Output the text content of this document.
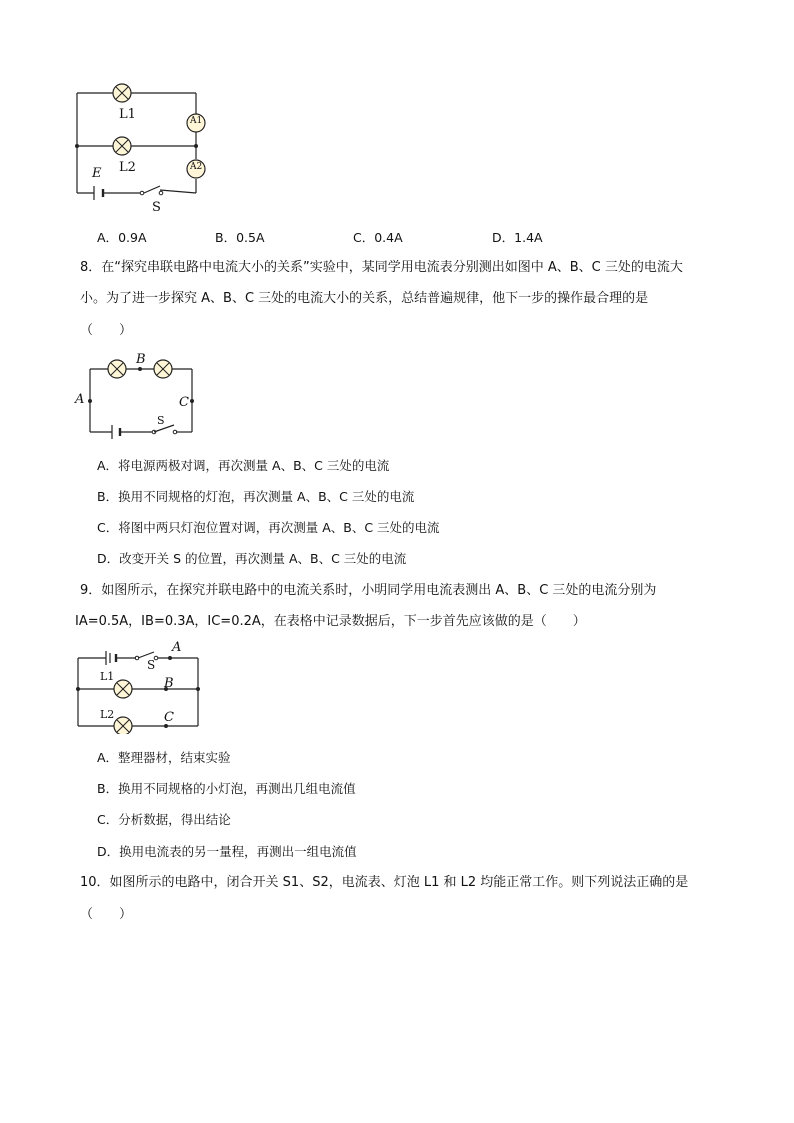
L1
L2
A1
A2
E
S
A．0.9A	B．0.5A	C．0.4A	D．1.4A
8．在“探究串联电路中电流大小的关系”实验中，某同学用电流表分别测出如图中 A、B、C 三处的电流大
小。为了进一步探究 A、B、C 三处的电流大小的关系，总结普遍规律，他下一步的操作最合理的是
（　　）
A
B
C
S
A．将电源两极对调，再次测量 A、B、C 三处的电流
B．换用不同规格的灯泡，再次测量 A、B、C 三处的电流
C．将图中两只灯泡位置对调，再次测量 A、B、C 三处的电流
D．改变开关 S 的位置，再次测量 A、B、C 三处的电流
9．如图所示，在探究并联电路中的电流关系时，小明同学用电流表测出 A、B、C 三处的电流分别为
IA=0.5A，IB=0.3A，IC=0.2A，在表格中记录数据后，下一步首先应该做的是（　　）
S
A
B
C
L1
L2
A．整理器材，结束实验
B．换用不同规格的小灯泡，再测出几组电流值
C．分析数据，得出结论
D．换用电流表的另一量程，再测出一组电流值
10．如图所示的电路中，闭合开关 S1、S2，电流表、灯泡 L1 和 L2 均能正常工作。则下列说法正确的是
（　　）
